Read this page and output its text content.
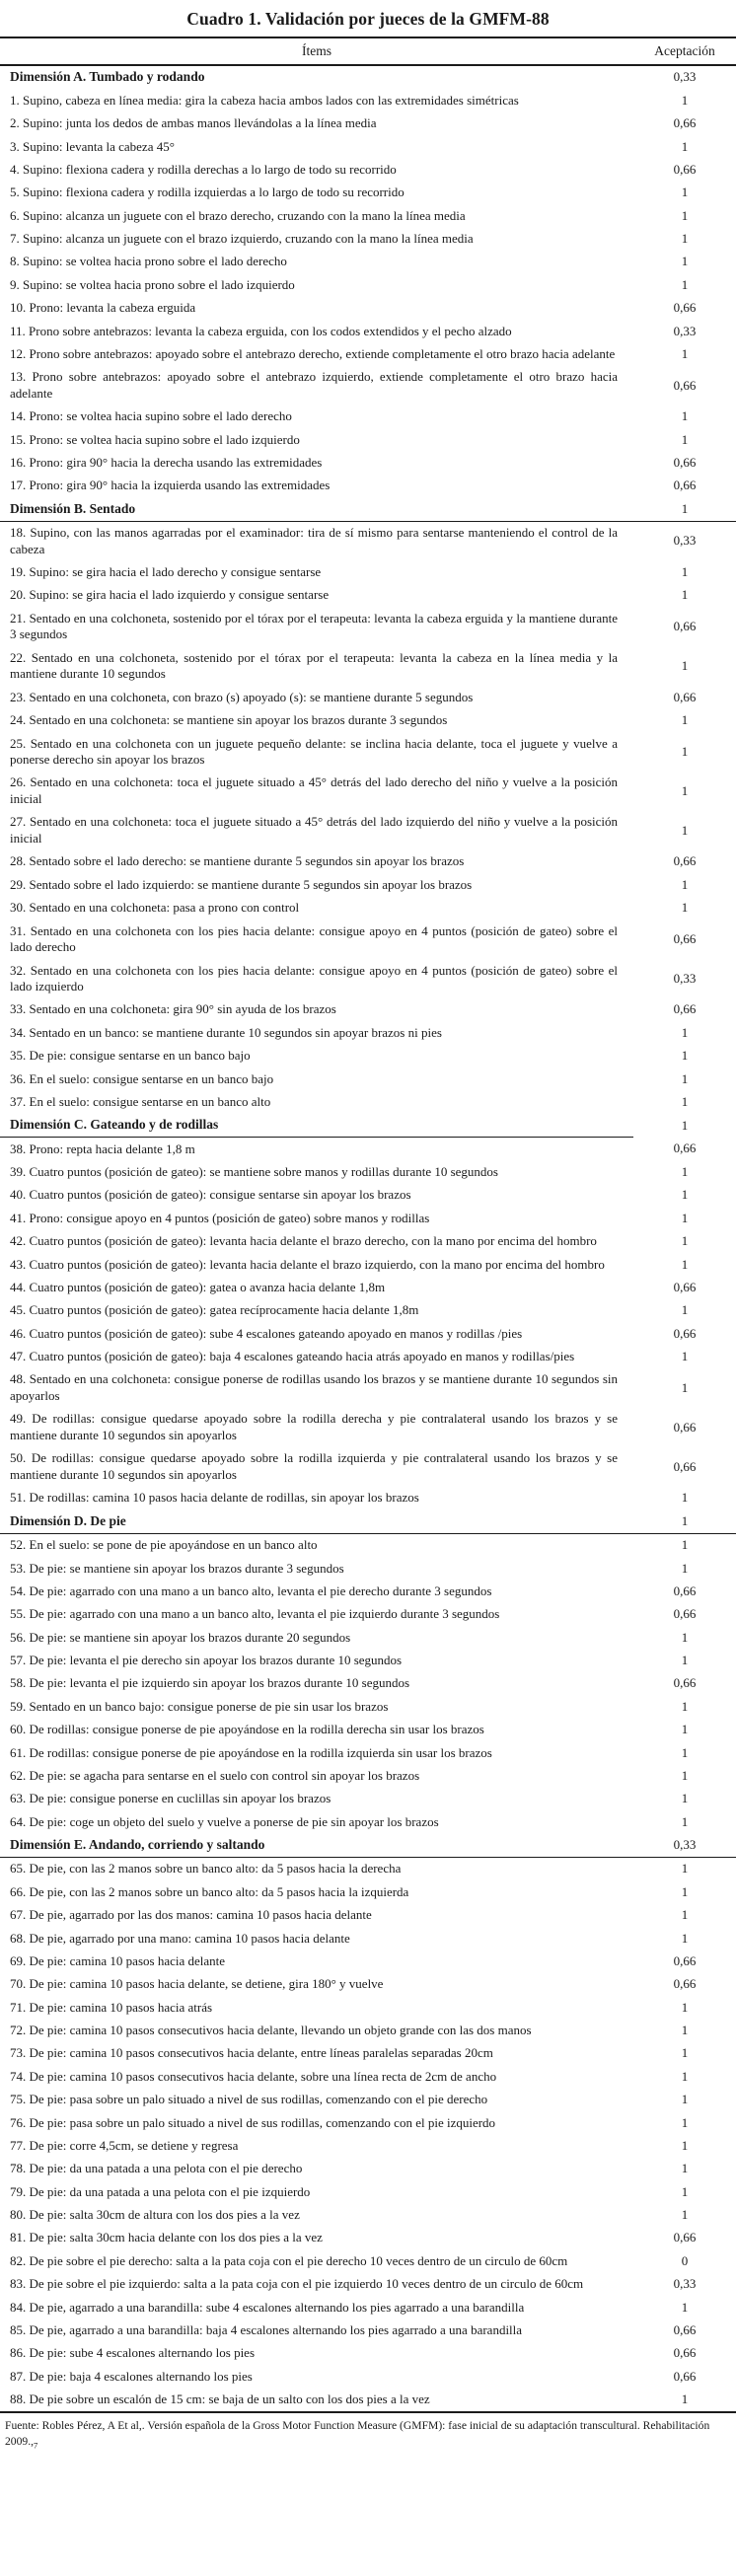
Cuadro 1. Validación por jueces de la GMFM-88
Ítems	Aceptación
Dimensión A. Tumbado y rodando	0,33
1. Supino, cabeza en línea media: gira la cabeza hacia ambos lados con las extremidades simétricas	1
2. Supino: junta los dedos de ambas manos llevándolas a la línea media	0,66
3. Supino: levanta la cabeza 45°	1
4. Supino: flexiona cadera y rodilla derechas a lo largo de todo su recorrido	0,66
5. Supino: flexiona cadera y rodilla izquierdas a lo largo de todo su recorrido	1
6. Supino: alcanza un juguete con el brazo derecho, cruzando con la mano la línea media	1
7. Supino: alcanza un juguete con el brazo izquierdo, cruzando con la mano la línea media	1
8. Supino: se voltea hacia prono sobre el lado derecho	1
9. Supino: se voltea hacia prono sobre el lado izquierdo	1
10. Prono: levanta la cabeza erguida	0,66
11. Prono sobre antebrazos: levanta la cabeza erguida, con los codos extendidos y el pecho alzado	0,33
12. Prono sobre antebrazos: apoyado sobre el antebrazo derecho, extiende completamente el otro brazo hacia adelante	1
13. Prono sobre antebrazos: apoyado sobre el antebrazo izquierdo, extiende completamente el otro brazo hacia adelante	0,66
14. Prono: se voltea hacia supino sobre el lado derecho	1
15. Prono: se voltea hacia supino sobre el lado izquierdo	1
16. Prono: gira 90° hacia la derecha usando las extremidades	0,66
17. Prono: gira 90° hacia la izquierda usando las extremidades	0,66
Dimensión B. Sentado	1
18. Supino, con las manos agarradas por el examinador: tira de sí mismo para sentarse manteniendo el control de la cabeza	0,33
19. Supino: se gira hacia el lado derecho y consigue sentarse	1
20. Supino: se gira hacia el lado izquierdo y consigue sentarse	1
21. Sentado en una colchoneta, sostenido por el tórax por el terapeuta: levanta la cabeza erguida y la mantiene durante 3 segundos	0,66
22. Sentado en una colchoneta, sostenido por el tórax por el terapeuta: levanta la cabeza en la línea media y la mantiene durante 10 segundos	1
23. Sentado en una colchoneta, con brazo (s) apoyado (s): se mantiene durante 5 segundos	0,66
24. Sentado en una colchoneta: se mantiene sin apoyar los brazos durante 3 segundos	1
25. Sentado en una colchoneta con un juguete pequeño delante: se inclina hacia delante, toca el juguete y vuelve a ponerse derecho sin apoyar los brazos	1
26. Sentado en una colchoneta: toca el juguete situado a 45° detrás del lado derecho del niño y vuelve a la posición inicial	1
27. Sentado en una colchoneta: toca el juguete situado a 45° detrás del lado izquierdo del niño y vuelve a la posición inicial	1
28. Sentado sobre el lado derecho: se mantiene durante 5 segundos sin apoyar los brazos	0,66
29. Sentado sobre el lado izquierdo: se mantiene durante 5 segundos sin apoyar los brazos	1
30. Sentado en una colchoneta: pasa a prono con control	1
31. Sentado en una colchoneta con los pies hacia delante: consigue apoyo en 4 puntos (posición de gateo) sobre el lado derecho	0,66
32. Sentado en una colchoneta con los pies hacia delante: consigue apoyo en 4 puntos (posición de gateo) sobre el lado izquierdo	0,33
33. Sentado en una colchoneta: gira 90° sin ayuda de los brazos	0,66
34. Sentado en un banco: se mantiene durante 10 segundos sin apoyar brazos ni pies	1
35. De pie: consigue sentarse en un banco bajo	1
36. En el suelo: consigue sentarse en un banco bajo	1
37. En el suelo: consigue sentarse en un banco alto	1
Dimensión C. Gateando y de rodillas	1
38. Prono: repta hacia delante 1,8 m	0,66
39. Cuatro puntos (posición de gateo): se mantiene sobre manos y rodillas durante 10 segundos	1
40. Cuatro puntos (posición de gateo): consigue sentarse sin apoyar los brazos	1
41. Prono: consigue apoyo en 4 puntos (posición de gateo) sobre manos y rodillas	1
42. Cuatro puntos (posición de gateo): levanta hacia delante el brazo derecho, con la mano por encima del hombro	1
43. Cuatro puntos (posición de gateo): levanta hacia delante el brazo izquierdo, con la mano por encima del hombro	1
44. Cuatro puntos (posición de gateo): gatea o avanza hacia delante 1,8m	0,66
45. Cuatro puntos (posición de gateo): gatea recíprocamente hacia delante 1,8m	1
46. Cuatro puntos (posición de gateo): sube 4 escalones gateando apoyado en manos y rodillas /pies	0,66
47. Cuatro puntos (posición de gateo): baja 4 escalones gateando hacia atrás apoyado en manos y rodillas/pies	1
48. Sentado en una colchoneta: consigue ponerse de rodillas usando los brazos y se mantiene durante 10 segundos sin apoyarlos	1
49. De rodillas: consigue quedarse apoyado sobre la rodilla derecha y pie contralateral usando los brazos y se mantiene durante 10 segundos sin apoyarlos	0,66
50. De rodillas: consigue quedarse apoyado sobre la rodilla izquierda y pie contralateral usando los brazos y se mantiene durante 10 segundos sin apoyarlos	0,66
51. De rodillas: camina 10 pasos hacia delante de rodillas, sin apoyar los brazos	1
Dimensión D. De pie	1
52. En el suelo: se pone de pie apoyándose en un banco alto	1
53. De pie: se mantiene sin apoyar los brazos durante 3 segundos	1
54. De pie: agarrado con una mano a un banco alto, levanta el pie derecho durante 3 segundos	0,66
55. De pie: agarrado con una mano a un banco alto, levanta el pie izquierdo durante 3 segundos	0,66
56. De pie: se mantiene sin apoyar los brazos durante 20 segundos	1
57. De pie: levanta el pie derecho sin apoyar los brazos durante 10 segundos	1
58. De pie: levanta el pie izquierdo sin apoyar los brazos durante 10 segundos	0,66
59. Sentado en un banco bajo: consigue ponerse de pie sin usar los brazos	1
60. De rodillas: consigue ponerse de pie apoyándose en la rodilla derecha sin usar los brazos	1
61. De rodillas: consigue ponerse de pie apoyándose en la rodilla izquierda sin usar los brazos	1
62. De pie: se agacha para sentarse en el suelo con control sin apoyar los brazos	1
63. De pie: consigue ponerse en cuclillas sin apoyar los brazos	1
64. De pie: coge un objeto del suelo y vuelve a ponerse de pie sin apoyar los brazos	1
Dimensión E. Andando, corriendo y saltando	0,33
65. De pie, con las 2 manos sobre un banco alto: da 5 pasos hacia la derecha	1
66. De pie, con las 2 manos sobre un banco alto: da 5 pasos hacia la izquierda	1
67. De pie, agarrado por las dos manos: camina 10 pasos hacia delante	1
68. De pie, agarrado por una mano: camina 10 pasos hacia delante	1
69. De pie: camina 10 pasos hacia delante	0,66
70. De pie: camina 10 pasos hacia delante, se detiene, gira 180° y vuelve	0,66
71. De pie: camina 10 pasos hacia atrás	1
72. De pie: camina 10 pasos consecutivos hacia delante, llevando un objeto grande con las dos manos	1
73. De pie: camina 10 pasos consecutivos hacia delante, entre líneas paralelas separadas 20cm	1
74. De pie: camina 10 pasos consecutivos hacia delante, sobre una línea recta de 2cm de ancho	1
75. De pie: pasa sobre un palo situado a nivel de sus rodillas, comenzando con el pie derecho	1
76. De pie: pasa sobre un palo situado a nivel de sus rodillas, comenzando con el pie izquierdo	1
77. De pie: corre 4,5cm, se detiene y regresa	1
78. De pie: da una patada a una pelota con el pie derecho	1
79. De pie: da una patada a una pelota con el pie izquierdo	1
80. De pie: salta 30cm de altura con los dos pies a la vez	1
81. De pie: salta 30cm hacia delante con los dos pies a la vez	0,66
82. De pie sobre el pie derecho: salta a la pata coja con el pie derecho 10 veces dentro de un circulo de 60cm	0
83. De pie sobre el pie izquierdo: salta a la pata coja con el pie izquierdo 10 veces dentro de un circulo de 60cm	0,33
84. De pie, agarrado a una barandilla: sube 4 escalones alternando los pies agarrado a una barandilla	1
85. De pie, agarrado a una barandilla: baja 4 escalones alternando los pies agarrado a una barandilla	0,66
86. De pie: sube 4 escalones alternando los pies	0,66
87. De pie: baja 4 escalones alternando los pies	0,66
88. De pie sobre un escalón de 15 cm: se baja de un salto con los dos pies a la vez	1
Fuente: Robles Pérez, A Et al,. Versión española de la Gross Motor Function Measure (GMFM): fase inicial de su adaptación transcultural. Rehabilitación $2009.,_7$
